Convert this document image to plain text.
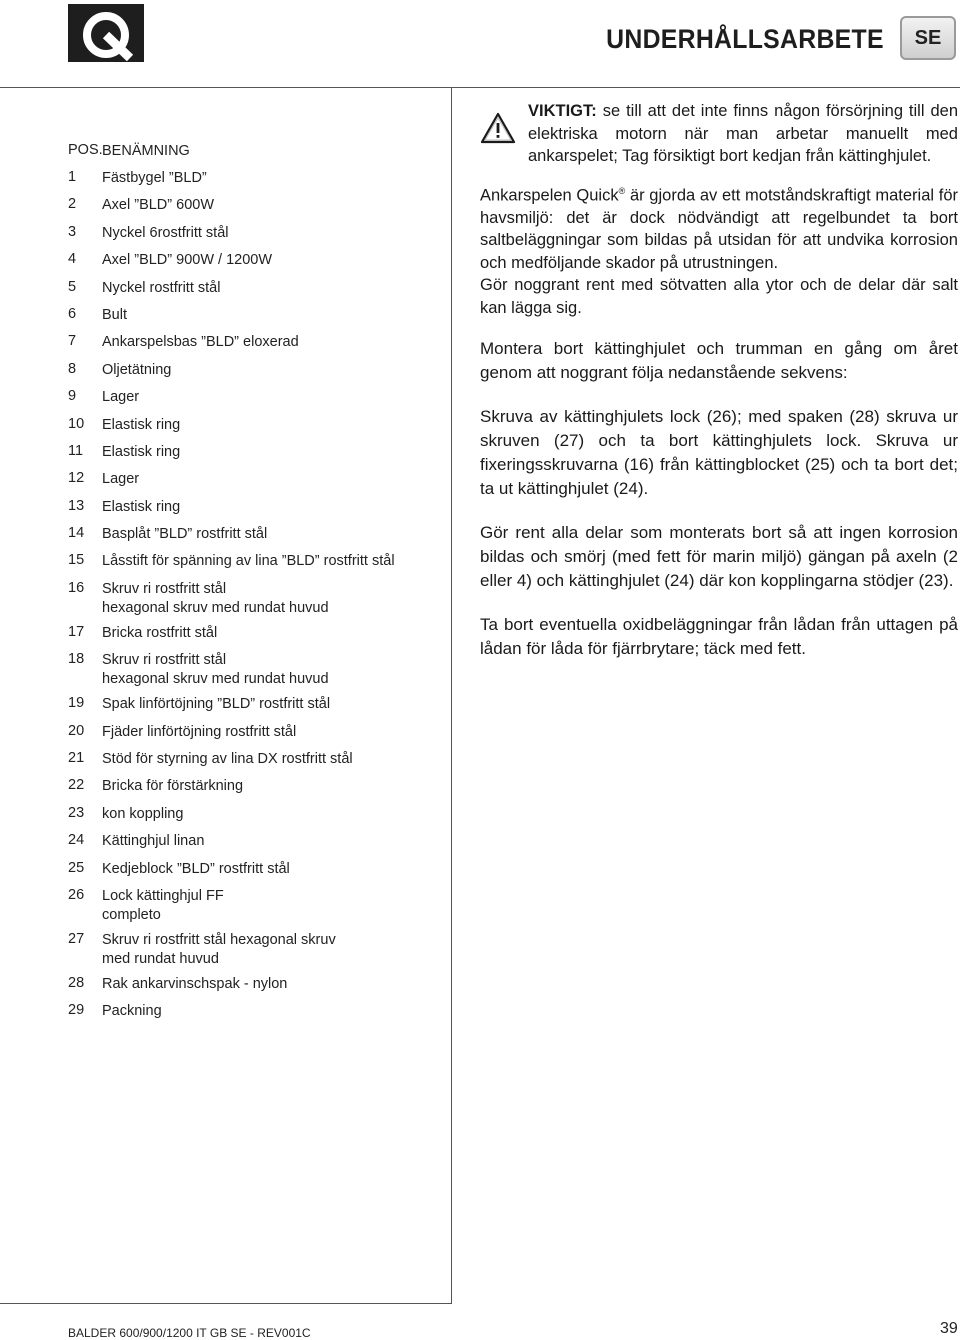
UNDERHÅLLSARBETE	SE
POS. BENÄMNING
1	Fästbygel ”BLD”
2	Axel ”BLD” 600W
3	Nyckel 6rostfritt stål
4	Axel ”BLD” 900W / 1200W
5	Nyckel rostfritt stål
6	Bult
7	Ankarspelsbas ”BLD” eloxerad
8	Oljetätning
9	Lager
10	Elastisk ring
11	Elastisk ring
12	Lager
13	Elastisk ring
14	Basplåt ”BLD” rostfritt stål
15	Låsstift för spänning av lina ”BLD” rostfritt stål
16	Skruv ri rostfritt stål
hexagonal skruv med rundat huvud
17	Bricka rostfritt stål
18	Skruv ri rostfritt stål
hexagonal skruv med rundat huvud
19	Spak linförtöjning ”BLD” rostfritt stål
20	Fjäder linförtöjning rostfritt stål
21	Stöd för styrning av lina DX rostfritt stål
22	Bricka för förstärkning
23	kon koppling
24	Kättinghjul linan
25	Kedjeblock ”BLD” rostfritt stål
26	Lock kättinghjul FF
completo
27	Skruv ri rostfritt stål hexagonal skruv
med rundat huvud
28	Rak ankarvinschspak - nylon
29	Packning

VIKTIGT: se till att det inte finns någon försörjning till den elektriska motorn när man arbetar manuellt med ankarspelet; Tag försiktigt bort kedjan från kättinghjulet.

Ankarspelen Quick® är gjorda av ett motståndskraftigt material för havsmiljö: det är dock nödvändigt att regelbundet ta bort saltbeläggningar som bildas på utsidan för att undvika korrosion och medföljande skador på utrustningen.

Gör noggrant rent med sötvatten alla ytor och de delar där salt kan lägga sig.

Montera bort kättinghjulet och trumman en gång om året genom att noggrant följa nedanstående sekvens:

Skruva av kättinghjulets lock (26); med spaken (28) skruva ur skruven (27) och ta bort kättinghjulets lock. Skruva ur fixeringsskruvarna (16) från kättingblocket (25) och ta bort det; ta ut kättinghjulet (24).

Gör rent alla delar som monterats bort så att ingen korrosion bildas och smörj (med fett för marin miljö) gängan på axeln (2 eller 4) och kättinghjulet (24) där kon kopplingarna stödjer (23).

Ta bort eventuella oxidbeläggningar från lådan från uttagen på lådan för låda för fjärrbrytare; täck med fett.

BALDER 600/900/1200 IT GB SE - REV001C	39
